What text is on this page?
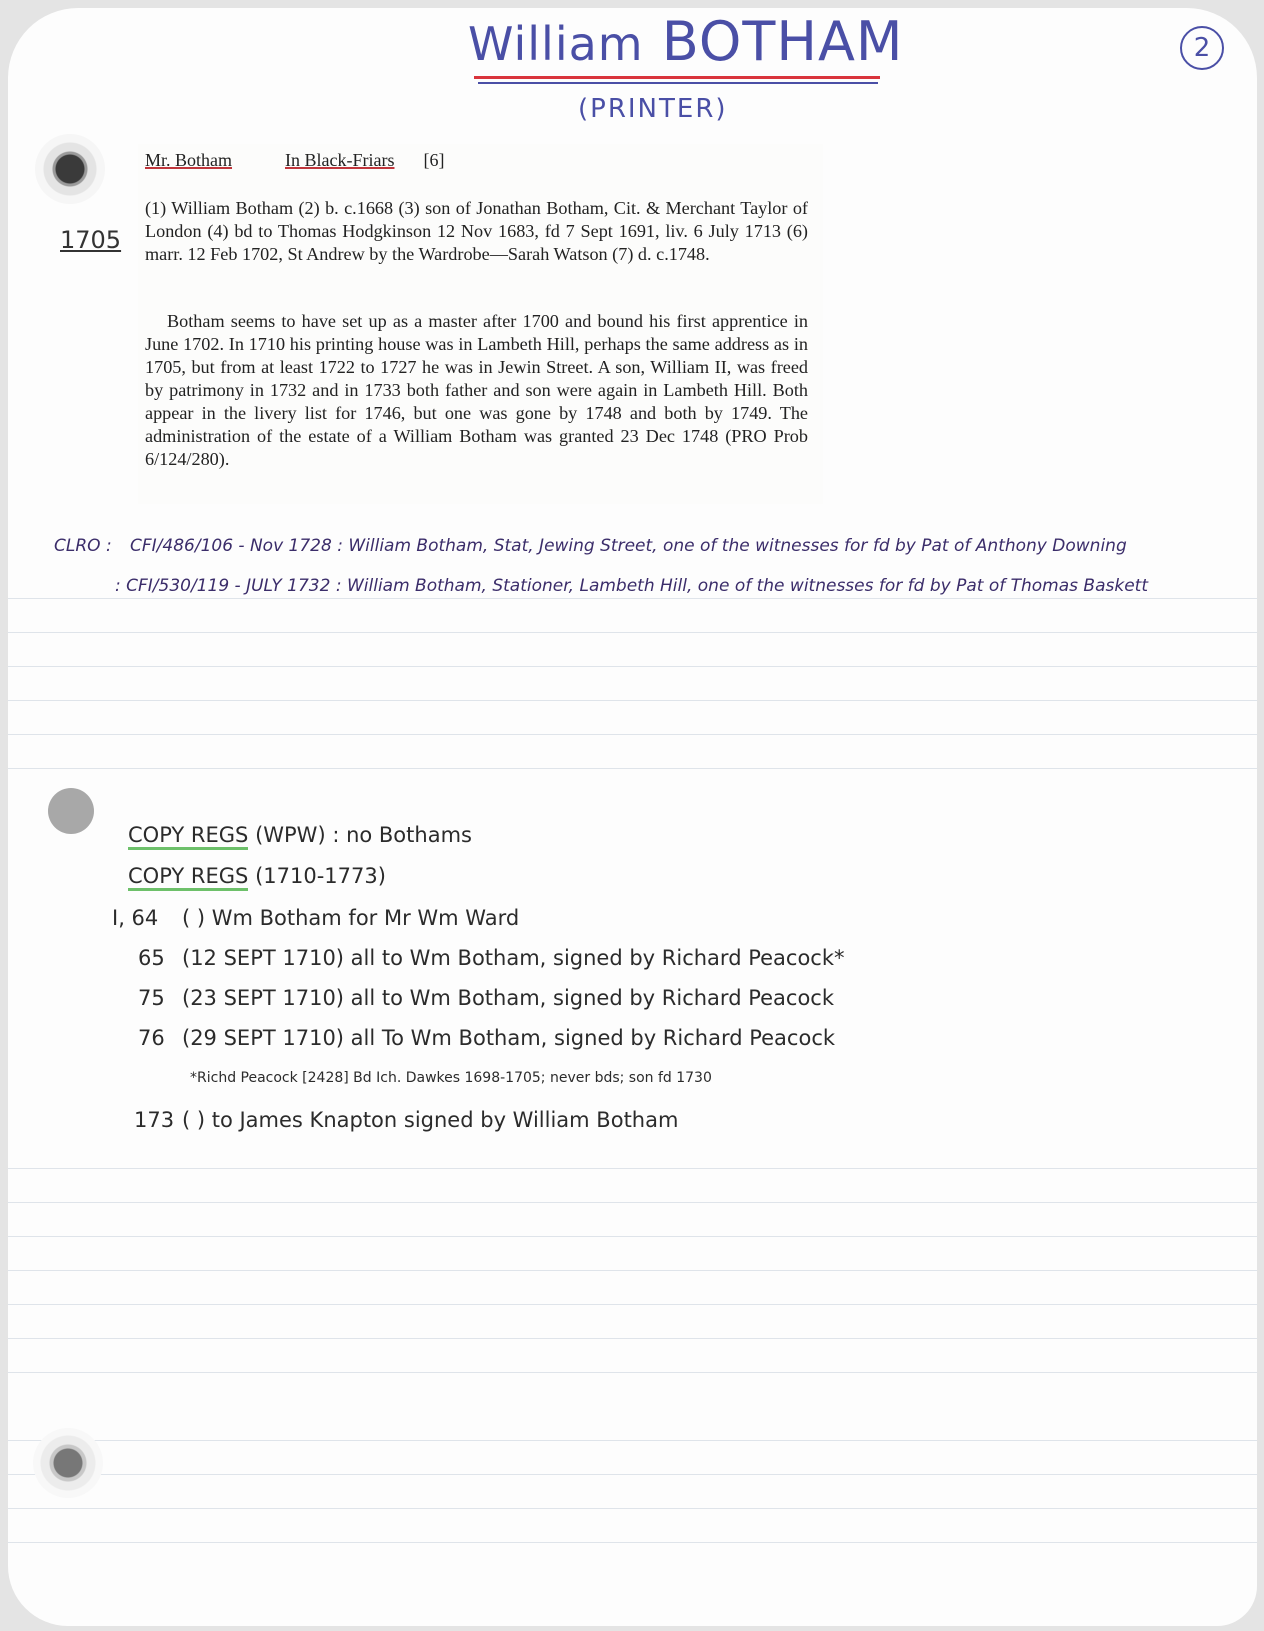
William BOTHAM
(PRINTER)
2
1705
Mr. Botham	In Black-Friars [6]
(1) William Botham (2) b. c.1668 (3) son of Jonathan Botham, Cit. & Merchant Taylor of London (4) bd to Thomas Hodgkinson 12 Nov 1683, fd 7 Sept 1691, liv. 6 July 1713 (6) marr. 12 Feb 1702, St Andrew by the Wardrobe—Sarah Watson (7) d. c.1748.
Botham seems to have set up as a master after 1700 and bound his first apprentice in June 1702. In 1710 his printing house was in Lambeth Hill, perhaps the same address as in 1705, but from at least 1722 to 1727 he was in Jewin Street. A son, William II, was freed by patrimony in 1732 and in 1733 both father and son were again in Lambeth Hill. Both appear in the livery list for 1746, but one was gone by 1748 and both by 1749. The administration of the estate of a William Botham was granted 23 Dec 1748 (PRO Prob 6/124/280).
CLRO : CFI/486/106 - Nov 1728 : William Botham, Stat, Jewing Street, one of the witnesses for fd by Pat of Anthony Downing
: CFI/530/119 - JULY 1732 : William Botham, Stationer, Lambeth Hill, one of the witnesses for fd by Pat of Thomas Baskett
COPY REGS (WPW) : no Bothams
COPY REGS (1710-1773)
I, 64 ( ) Wm Botham for Mr Wm Ward
65 (12 SEPT 1710) all to Wm Botham, signed by Richard Peacock*
75 (23 SEPT 1710) all to Wm Botham, signed by Richard Peacock
76 (29 SEPT 1710) all To Wm Botham, signed by Richard Peacock
*Richd Peacock [2428] Bd Ich. Dawkes 1698-1705; never bds; son fd 1730
173 ( ) to James Knapton signed by William Botham
